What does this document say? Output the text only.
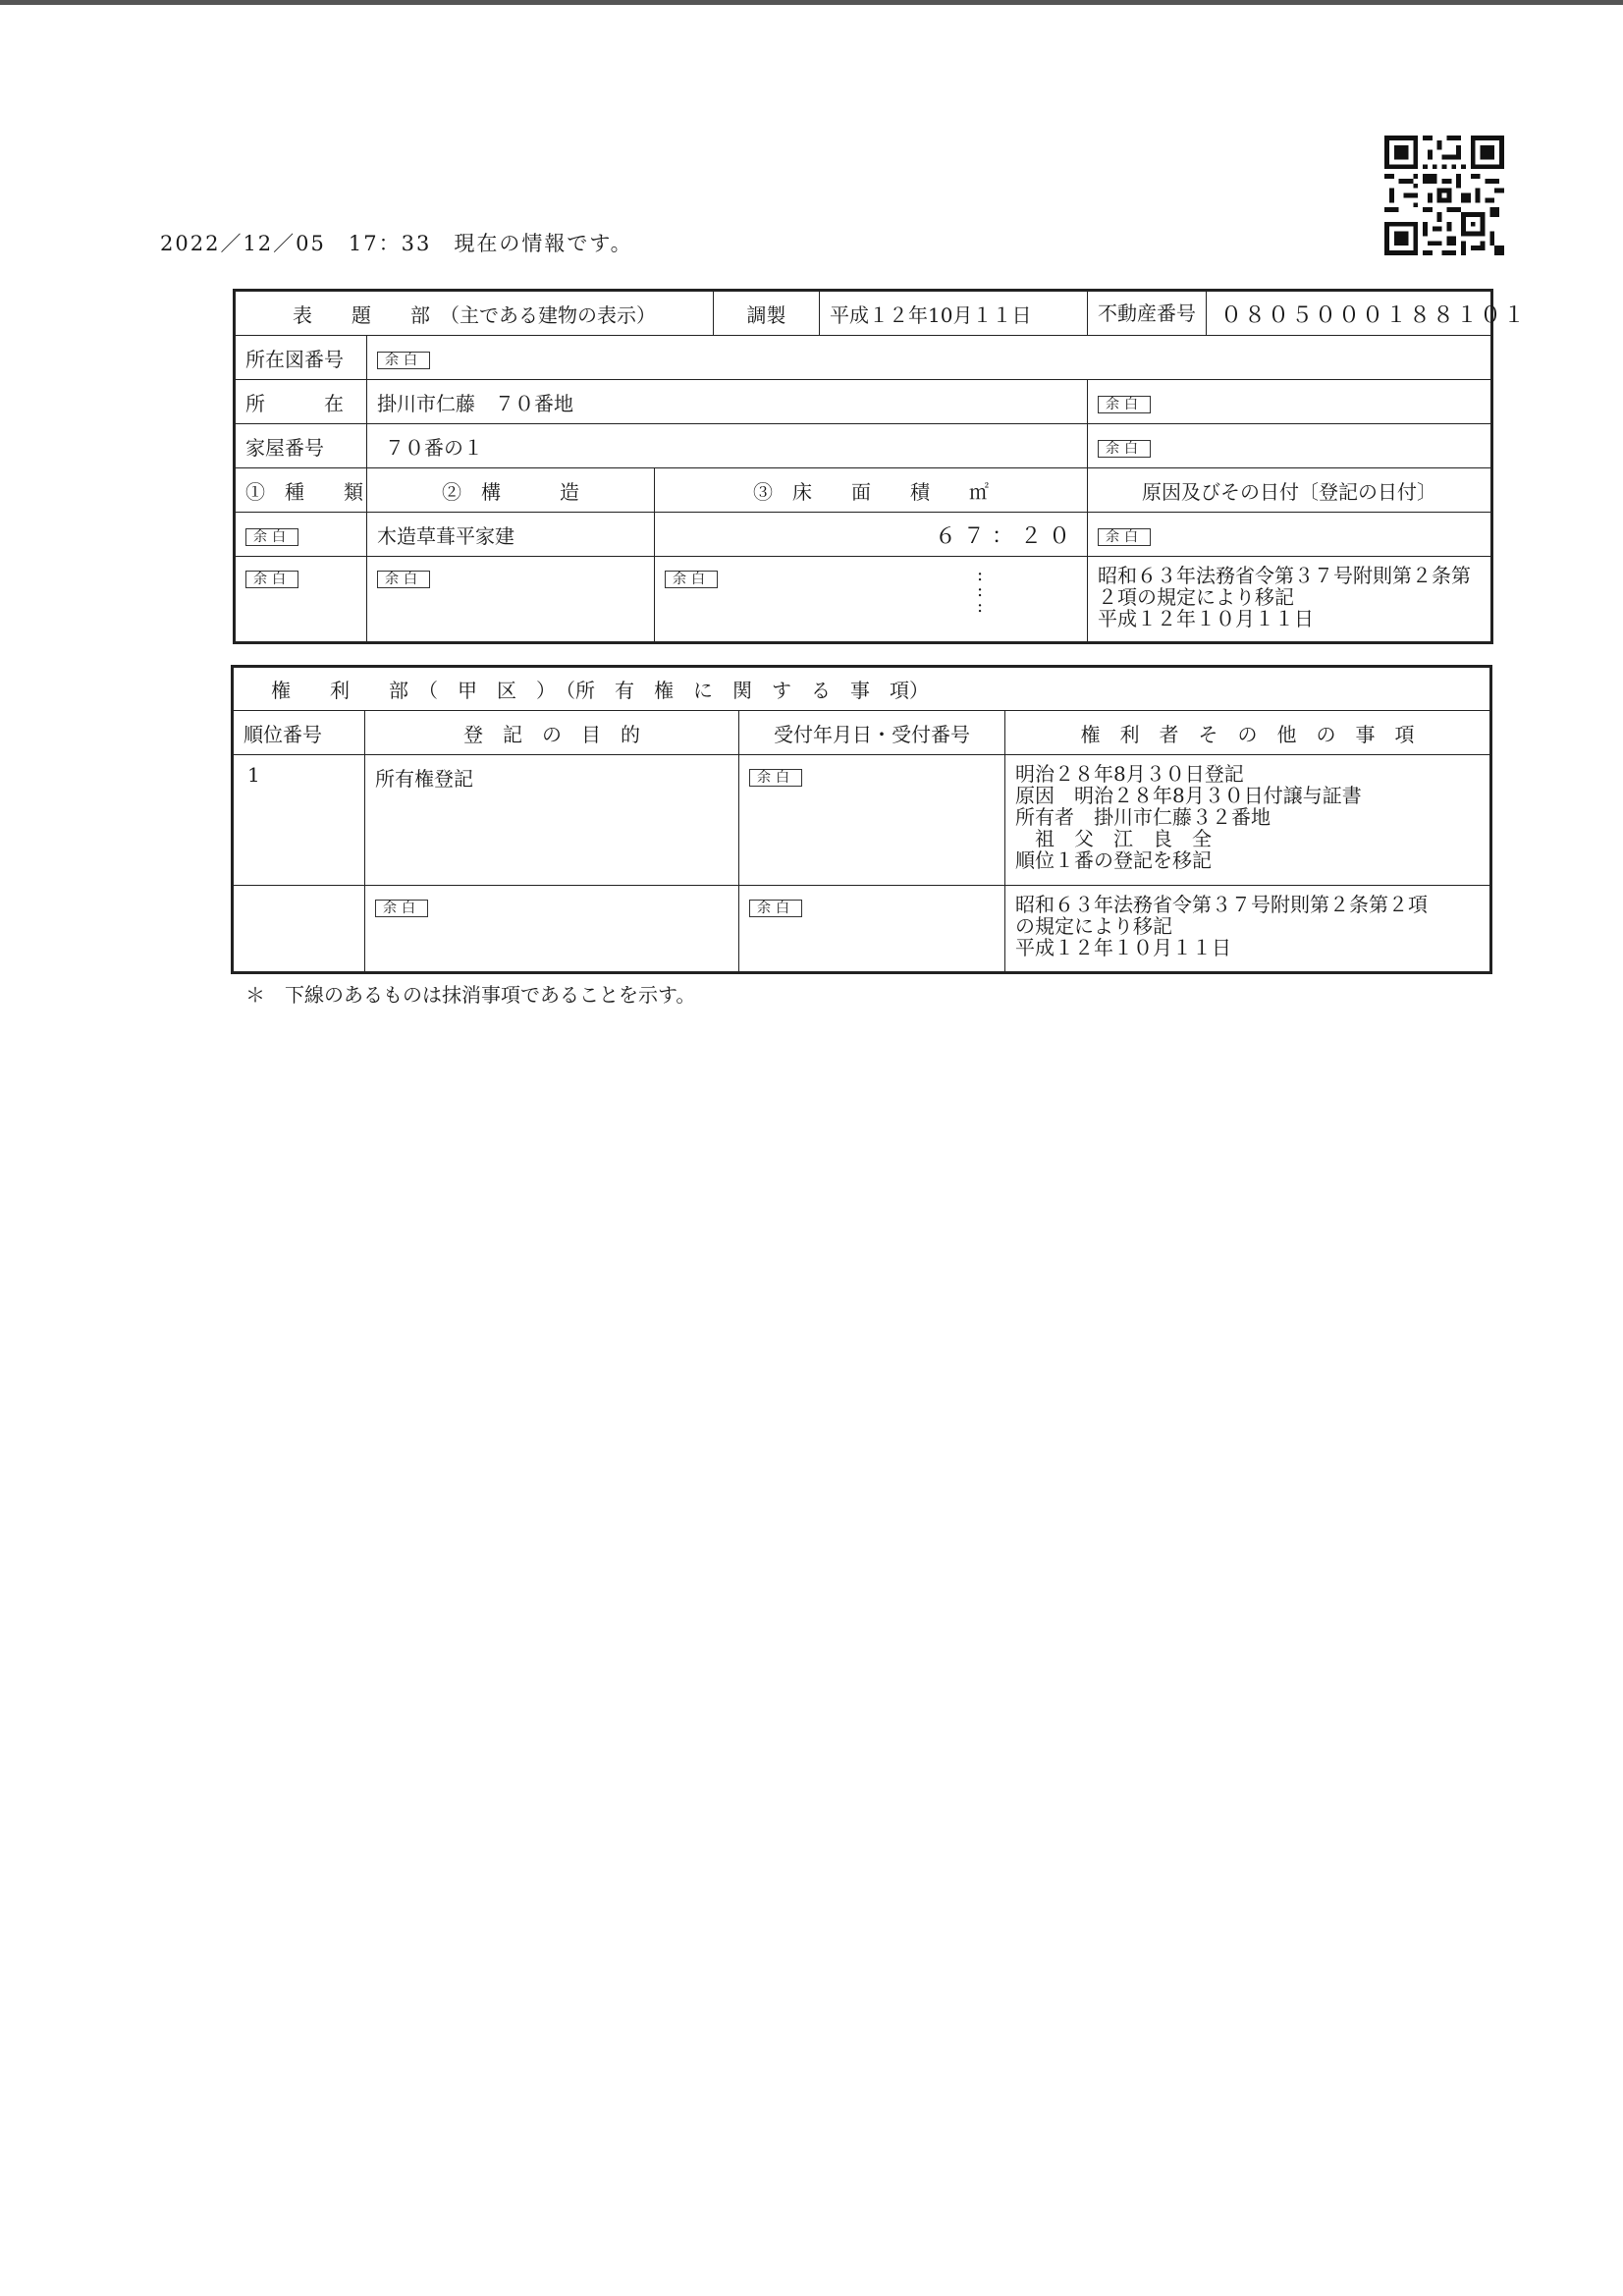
2022／12／05　17：33　現在の情報です。
表　　題　　部　（主である建物の表示）			調製	平成１２年10月１１日	不動産番号 ０８０５０００１８８１０１

所在図番号	余白				
所　　　在	掛川市仁藤　７０番地				余白
家屋番号	７０番の１				余白
①　種　　類	②　構　　　造	③　床　　面　　積　　㎡			原因及びその日付〔登記の日付〕
余白	木造草葺平家建	６７：２０			余白
余白	余白	余白			昭和６３年法務省令第３７号附則第２条第
２項の規定により移記
平成１２年１０月１１日
:
:
:
権　　利　　部　（　甲　区　）　（所　有　権　に　関　す　る　事　項）			
順位番号	登　記　の　目　的	受付年月日・受付番号	権　利　者　そ　の　他　の　事　項
1	所有権登記	余白	明治２８年8月３０日登記
原因　明治２８年8月３０日付譲与証書
所有者　掛川市仁藤３２番地
　祖　父　江　良　全
順位１番の登記を移記

	余白	余白	昭和６３年法務省令第３７号附則第２条第２項
の規定により移記
平成１２年１０月１１日
＊　下線のあるものは抹消事項であることを示す。
